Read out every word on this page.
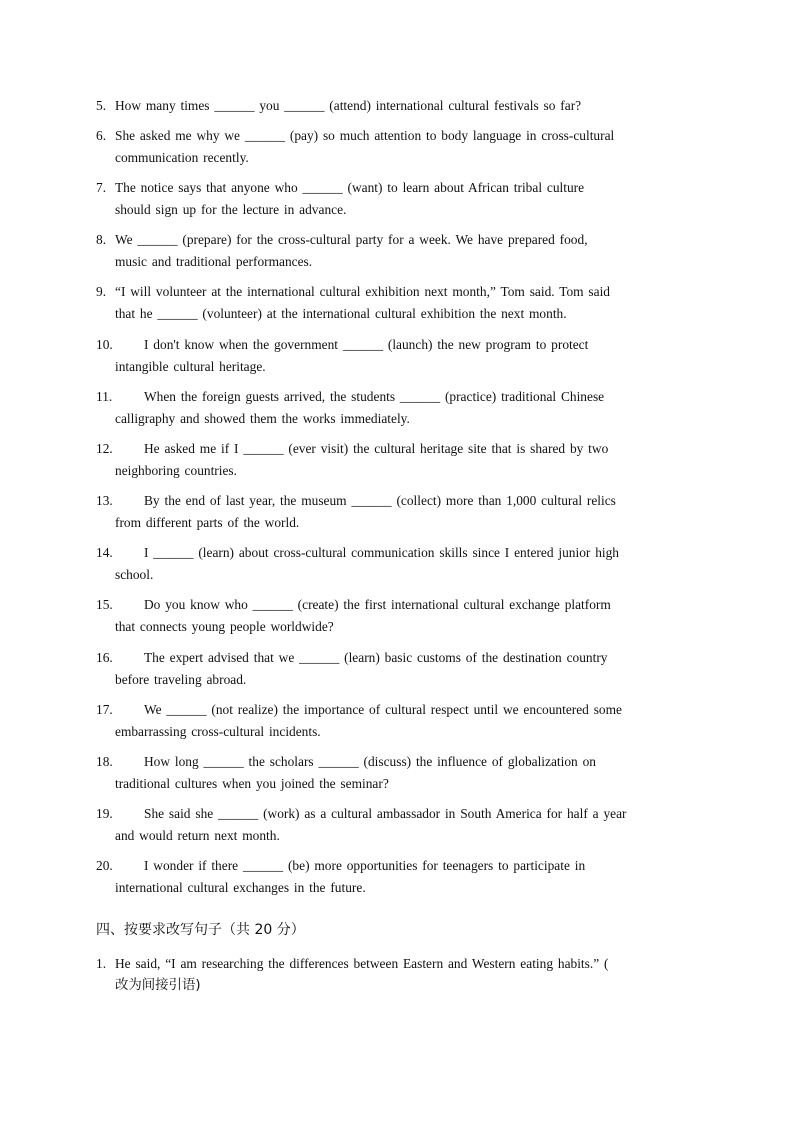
5. How many times ______ you ______ (attend) international cultural festivals so far?
6. She asked me why we ______ (pay) so much attention to body language in cross-cultural
communication recently.
7. The notice says that anyone who ______ (want) to learn about African tribal culture
should sign up for the lecture in advance.
8. We ______ (prepare) for the cross-cultural party for a week. We have prepared food,
music and traditional performances.
9. “I will volunteer at the international cultural exhibition next month,” Tom said. Tom said
that he ______ (volunteer) at the international cultural exhibition the next month.
10. I don't know when the government ______ (launch) the new program to protect
intangible cultural heritage.
11. When the foreign guests arrived, the students ______ (practice) traditional Chinese
calligraphy and showed them the works immediately.
12. He asked me if I ______ (ever visit) the cultural heritage site that is shared by two
neighboring countries.
13. By the end of last year, the museum ______ (collect) more than 1,000 cultural relics
from different parts of the world.
14. I ______ (learn) about cross-cultural communication skills since I entered junior high
school.
15. Do you know who ______ (create) the first international cultural exchange platform
that connects young people worldwide?
16. The expert advised that we ______ (learn) basic customs of the destination country
before traveling abroad.
17. We ______ (not realize) the importance of cultural respect until we encountered some
embarrassing cross-cultural incidents.
18. How long ______ the scholars ______ (discuss) the influence of globalization on
traditional cultures when you joined the seminar?
19. She said she ______ (work) as a cultural ambassador in South America for half a year
and would return next month.
20. I wonder if there ______ (be) more opportunities for teenagers to participate in
international cultural exchanges in the future.
四、按要求改写句子（共 20 分）
1. He said, “I am researching the differences between Eastern and Western eating habits.” (
改为间接引语)
